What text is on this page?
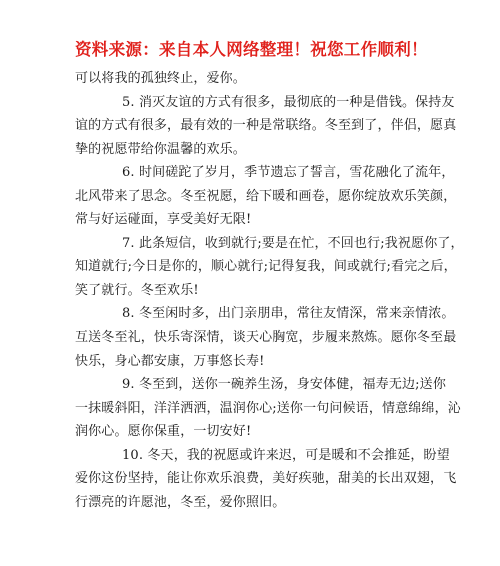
资料来源：来自本人网络整理！祝您工作顺利！
可以将我的孤独终止，爱你。
5. 消灭友谊的方式有很多，最彻底的一种是借钱。保持友
谊的方式有很多，最有效的一种是常联络。冬至到了，伴侣，愿真
挚的祝愿带给你温馨的欢乐。
6. 时间磋跎了岁月，季节遗忘了誓言，雪花融化了流年，
北风带来了思念。冬至祝愿，给下暖和画卷，愿你绽放欢乐笑颜，
常与好运碰面，享受美好无限!
7. 此条短信，收到就行;要是在忙，不回也行;我祝愿你了，
知道就行;今日是你的，顺心就行;记得复我，间或就行;看完之后，
笑了就行。冬至欢乐!
8. 冬至闲时多，出门亲朋串，常往友情深，常来亲情浓。
互送冬至礼，快乐寄深情，谈天心胸宽，步履来熬炼。愿你冬至最
快乐，身心都安康，万事悠长寿!
9. 冬至到，送你一碗养生汤，身安体健，福寿无边;送你
一抹暖斜阳，洋洋洒洒，温润你心;送你一句问候语，情意绵绵，沁
润你心。愿你保重，一切安好!
10. 冬天，我的祝愿或许来迟，可是暖和不会推延，盼望
爱你这份坚持，能让你欢乐浪费，美好疾驰，甜美的长出双翅，飞
行漂亮的许愿池，冬至，爱你照旧。
